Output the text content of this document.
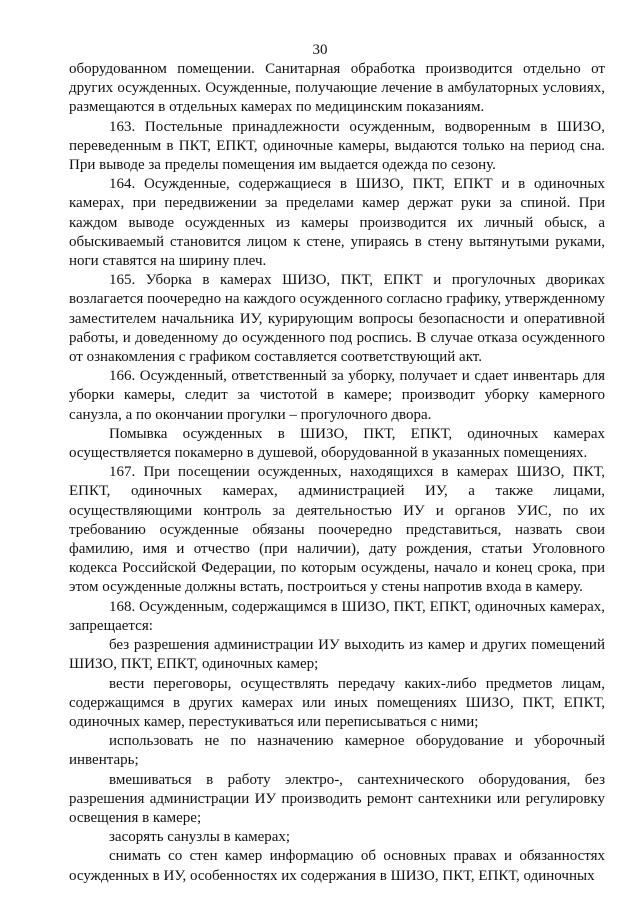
30

оборудованном помещении. Санитарная обработка производится отдельно от других осужденных. Осужденные, получающие лечение в амбулаторных условиях, размещаются в отдельных камерах по медицинским показаниям.

163. Постельные принадлежности осужденным, водворенным в ШИЗО, переведенным в ПКТ, ЕПКТ, одиночные камеры, выдаются только на период сна. При выводе за пределы помещения им выдается одежда по сезону.

164. Осужденные, содержащиеся в ШИЗО, ПКТ, ЕПКТ и в одиночных камерах, при передвижении за пределами камер держат руки за спиной. При каждом выводе осужденных из камеры производится их личный обыск, а обыскиваемый становится лицом к стене, упираясь в стену вытянутыми руками, ноги ставятся на ширину плеч.

165. Уборка в камерах ШИЗО, ПКТ, ЕПКТ и прогулочных двориках возлагается поочередно на каждого осужденного согласно графику, утвержденному заместителем начальника ИУ, курирующим вопросы безопасности и оперативной работы, и доведенному до осужденного под роспись. В случае отказа осужденного от ознакомления с графиком составляется соответствующий акт.

166. Осужденный, ответственный за уборку, получает и сдает инвентарь для уборки камеры, следит за чистотой в камере; производит уборку камерного санузла, а по окончании прогулки – прогулочного двора.

Помывка осужденных в ШИЗО, ПКТ, ЕПКТ, одиночных камерах осуществляется покамерно в душевой, оборудованной в указанных помещениях.

167. При посещении осужденных, находящихся в камерах ШИЗО, ПКТ, ЕПКТ, одиночных камерах, администрацией ИУ, а также лицами, осуществляющими контроль за деятельностью ИУ и органов УИС, по их требованию осужденные обязаны поочередно представиться, назвать свои фамилию, имя и отчество (при наличии), дату рождения, статьи Уголовного кодекса Российской Федерации, по которым осуждены, начало и конец срока, при этом осужденные должны встать, построиться у стены напротив входа в камеру.

168. Осужденным, содержащимся в ШИЗО, ПКТ, ЕПКТ, одиночных камерах, запрещается:

без разрешения администрации ИУ выходить из камер и других помещений ШИЗО, ПКТ, ЕПКТ, одиночных камер;

вести переговоры, осуществлять передачу каких-либо предметов лицам, содержащимся в других камерах или иных помещениях ШИЗО, ПКТ, ЕПКТ, одиночных камер, перестукиваться или переписываться с ними;

использовать не по назначению камерное оборудование и уборочный инвентарь;

вмешиваться в работу электро-, сантехнического оборудования, без разрешения администрации ИУ производить ремонт сантехники или регулировку освещения в камере;

засорять санузлы в камерах;

снимать со стен камер информацию об основных правах и обязанностях осужденных в ИУ, особенностях их содержания в ШИЗО, ПКТ, ЕПКТ, одиночных
